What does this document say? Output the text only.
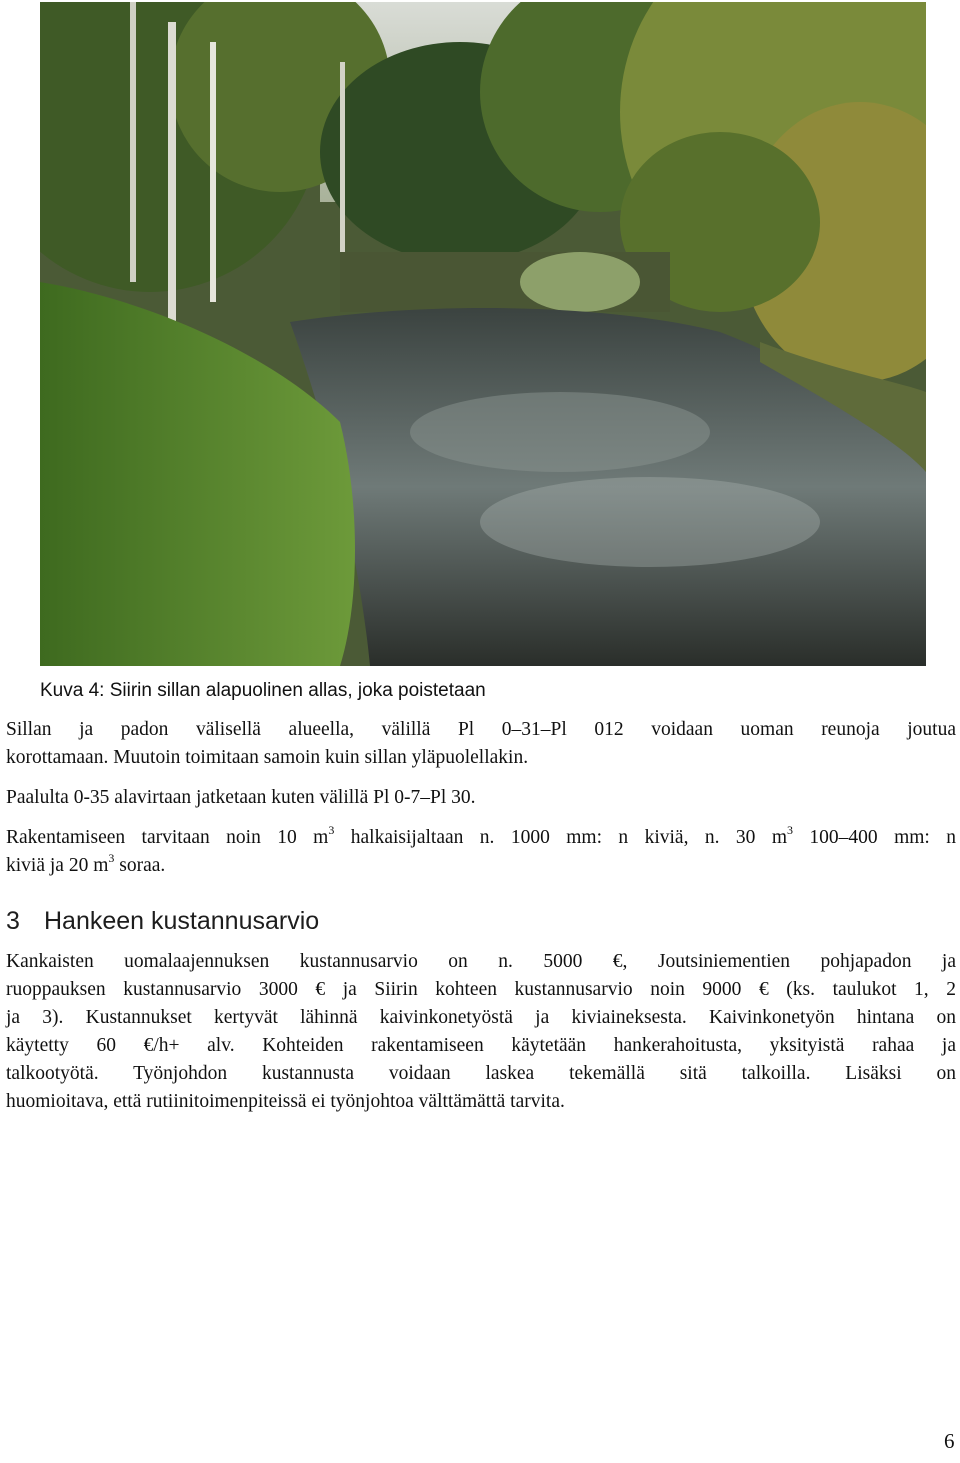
Kuva 4: Siirin sillan alapuolinen allas, joka poistetaan
Sillan ja padon välisellä alueella, välillä Pl 0–31–Pl 012 voidaan uoman reunoja joutua
korottamaan. Muutoin toimitaan samoin kuin sillan yläpuolellakin.
Paalulta 0-35 alavirtaan jatketaan kuten välillä Pl 0-7–Pl 30.
Rakentamiseen tarvitaan noin 10 $m^3$ halkaisijaltaan n. 1000 mm: n kiviä, n. 30 $m^3$ 100–400 mm: n
kiviä ja 20 $m^3$ soraa.
3 Hankeen kustannusarvio
Kankaisten uomalaajennuksen kustannusarvio on n. 5000 €, Joutsiniementien pohjapadon ja
ruoppauksen kustannusarvio 3000 € ja Siirin kohteen kustannusarvio noin 9000 € (ks. taulukot 1, 2
ja 3). Kustannukset kertyvät lähinnä kaivinkonetyöstä ja kiviaineksesta. Kaivinkonetyön hintana on
käytetty 60 €/h+ alv. Kohteiden rakentamiseen käytetään hankerahoitusta, yksityistä rahaa ja
talkootyötä. Työnjohdon kustannusta voidaan laskea tekemällä sitä talkoilla. Lisäksi on
huomioitava, että rutiinitoimenpiteissä ei työnjohtoa välttämättä tarvita.
6
